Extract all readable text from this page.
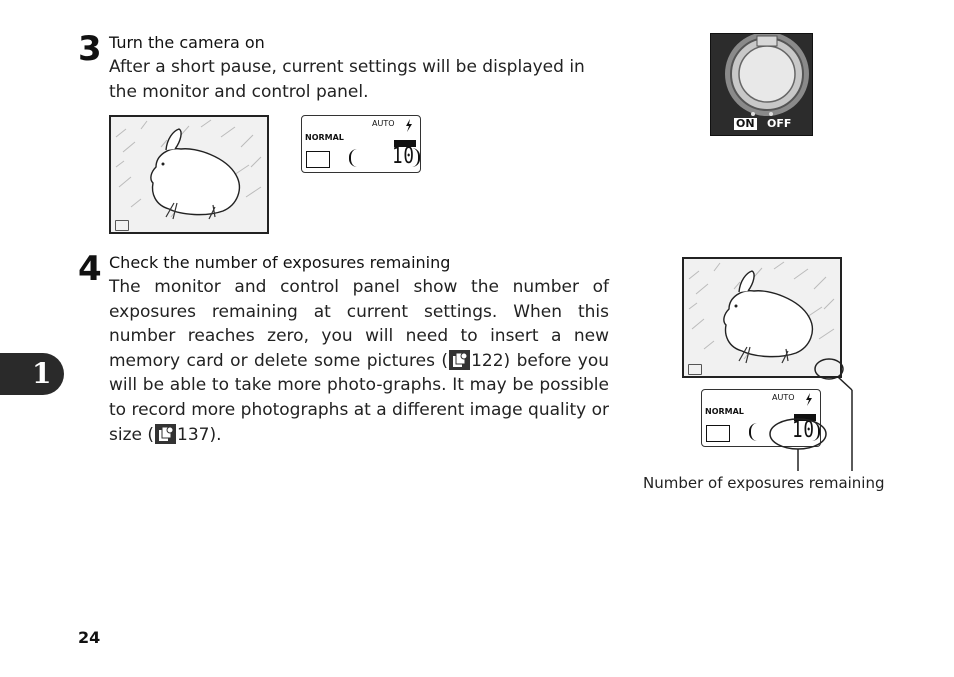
3 Turn the camera on
After a short pause, current settings will be displayed in the monitor and control panel.
NORMAL
AUTO
10
ON OFF
4 Check the number of exposures remaining
The monitor and control panel show the number of exposures remaining at current settings. When this number reaches zero, you will need to insert a new memory card or delete some pictures ( 122) before you will be able to take more photo-graphs. It may be possible to record more photographs at a different image quality or size ( 137).
NORMAL
AUTO
10
Number of exposures remaining
1
24
